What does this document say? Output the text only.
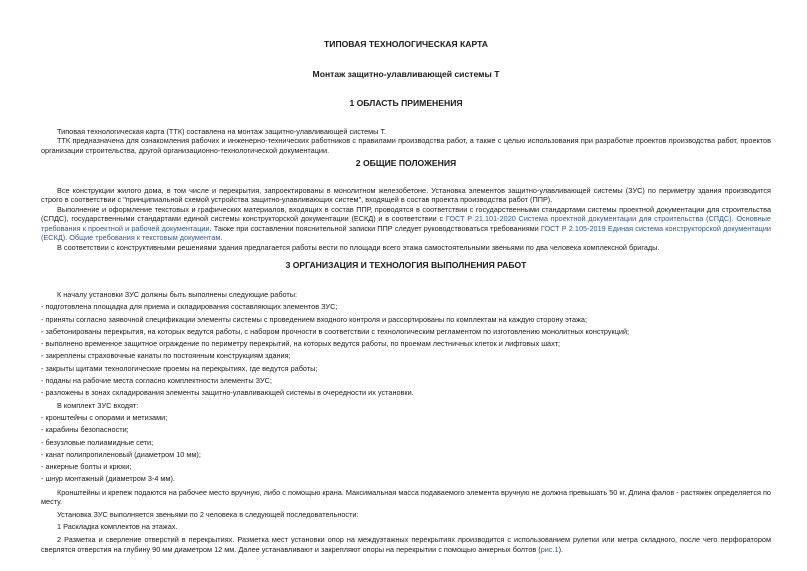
ТИПОВАЯ ТЕХНОЛОГИЧЕСКАЯ КАРТА
Монтаж защитно-улавливающей системы Т
1 ОБЛАСТЬ ПРИМЕНЕНИЯ

Типовая технологическая карта (ТТК) составлена на монтаж защитно-улавливающей системы Т.

ТТК предназначена для ознакомления рабочих и инженерно-технических работников с правилами производства работ, а также с целью использования при разработке проектов производства работ, проектов организации строительства, другой организационно-технологической документации.

2 ОБЩИЕ ПОЛОЖЕНИЯ

Все конструкции жилого дома, в том числе и перекрытия, запроектированы в монолитном железобетоне. Установка элементов защитно-улавливающей системы (ЗУС) по периметру здания производится строго в соответствии с "принципиальной схемой устройства защитно-улавливающих систем", входящей в состав проекта производства работ (ППР).

Выполнение и оформление текстовых и графических материалов, входящих в состав ППР, проводятся в соответствии с государственными стандартами системы проектной документации для строительства (СПДС), государственными стандартами единой системы конструкторской документации (ЕСКД) и в соответствии с ГОСТ Р 21.101-2020 Система проектной документации для строительства (СПДС). Основные требования к проектной и рабочей документации. Также при составлении пояснительной записки ППР следует руководствоваться требованиями ГОСТ Р 2.105-2019 Единая система конструкторской документации (ЕСКД). Общие требования к текстовым документам.

В соответствии с конструктивными решениями здания предлагается работы вести по площади всего этажа самостоятельными звеньями по два человека комплексной бригады.

3 ОРГАНИЗАЦИЯ И ТЕХНОЛОГИЯ ВЫПОЛНЕНИЯ РАБОТ

К началу установки ЗУС должны быть выполнены следующие работы:

- подготовлена площадка для приема и складирования составляющих элементов ЗУС;

- приняты согласно заявочной спецификации элементы системы с проведением входного контроля и рассортированы по комплектам на каждую сторону этажа;

- забетонированы перекрытия, на которых ведутся работы, с набором прочности в соответствии с технологическим регламентом по изготовлению монолитных конструкций;

- выполнено временное защитное ограждение по периметру перекрытий, на которых ведутся работы, по проемам лестничных клеток и лифтовых шахт;

- закреплены страховочные канаты по постоянным конструкциям здания;

- закрыты щитами технологические проемы на перекрытиях, где ведутся работы;

- поданы на рабочие места согласно комплектности элементы ЗУС;

- разложены в зонах складирования элементы защитно-улавливающей системы в очередности их установки.

В комплект ЗУС входят:

- кронштейны с опорами и метизами;

- карабины безопасности;

- безузловые полиамидные сети;

- канат полипропиленовый (диаметром 10 мм);

- анкерные болты и крюки;

- шнур монтажный (диаметром 3-4 мм).

Кронштейны и крепеж подаются на рабочее место вручную, либо с помощью крана. Максимальная масса подаваемого элемента вручную не должна превышать 50 кг. Длина фалов - растяжек определяется по месту.

Установка ЗУС выполняется звеньями по 2 человека в следующей последовательности:

1 Раскладка комплектов на этажах.

2 Разметка и сверление отверстий в перекрытиях. Разметка мест установки опор на междуэтажных перекрытиях производится с использованием рулетки или метра складного, после чего перфоратором сверлятся отверстия на глубину 90 мм диаметром 12 мм. Далее устанавливают и закрепляют опоры на перекрытии с помощью анкерных болтов (рис.1).
